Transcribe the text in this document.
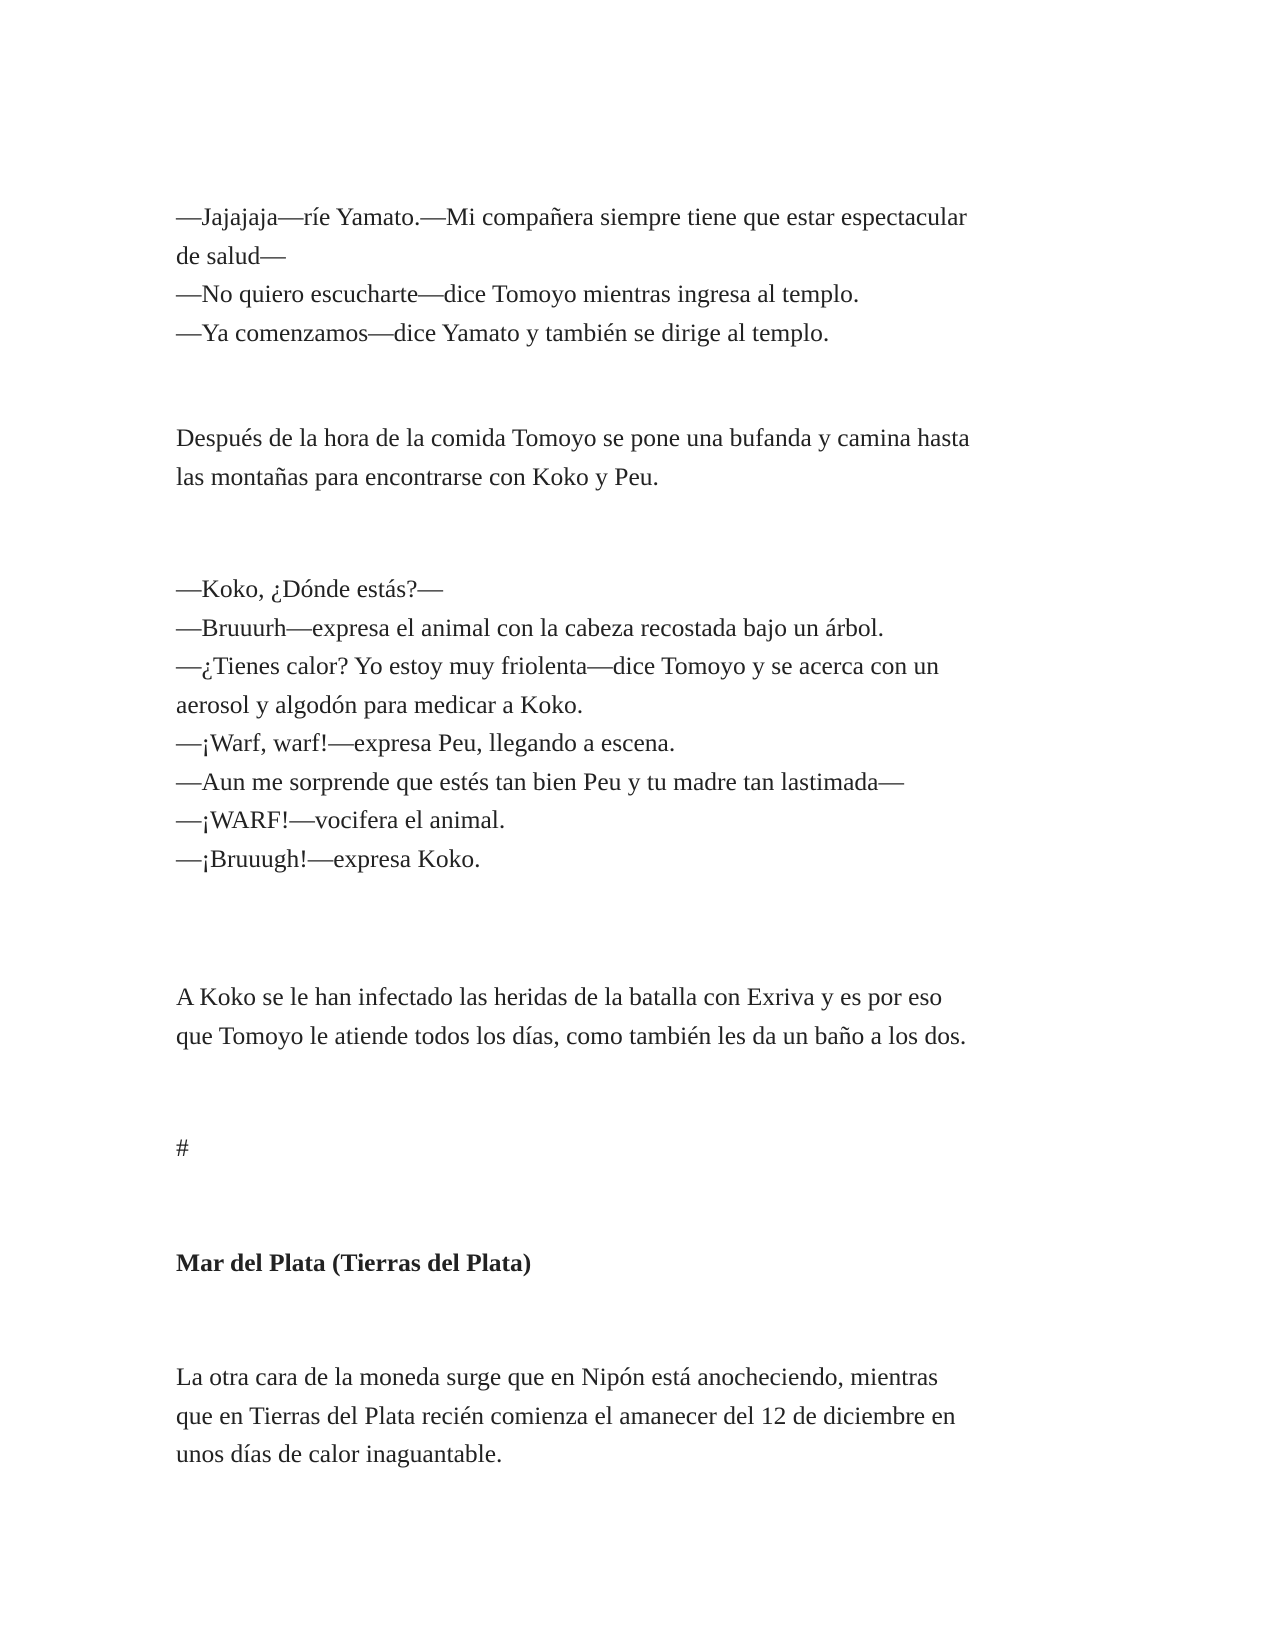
—Jajajaja—ríe Yamato.—Mi compañera siempre tiene que estar espectacular
de salud—
—No quiero escucharte—dice Tomoyo mientras ingresa al templo.
—Ya comenzamos—dice Yamato y también se dirige al templo.
Después de la hora de la comida Tomoyo se pone una bufanda y camina hasta
las montañas para encontrarse con Koko y Peu.
—Koko, ¿Dónde estás?—
—Bruuurh—expresa el animal con la cabeza recostada bajo un árbol.
—¿Tienes calor? Yo estoy muy friolenta—dice Tomoyo y se acerca con un
aerosol y algodón para medicar a Koko.
—¡Warf, warf!—expresa Peu, llegando a escena.
—Aun me sorprende que estés tan bien Peu y tu madre tan lastimada—
—¡WARF!—vocifera el animal.
—¡Bruuugh!—expresa Koko.
A Koko se le han infectado las heridas de la batalla con Exriva y es por eso
que Tomoyo le atiende todos los días, como también les da un baño a los dos.
#
Mar del Plata (Tierras del Plata)
La otra cara de la moneda surge que en Nipón está anocheciendo, mientras
que en Tierras del Plata recién comienza el amanecer del 12 de diciembre en
unos días de calor inaguantable.
